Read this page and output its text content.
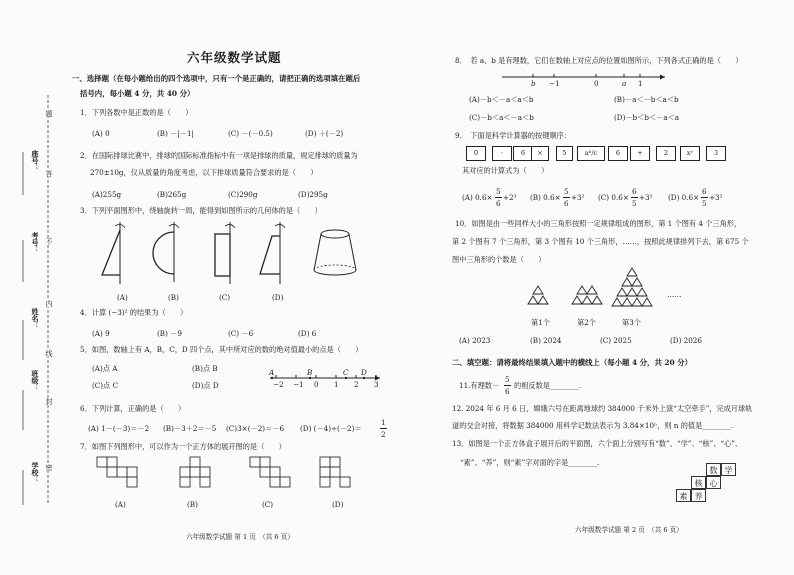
座号：
考号：
姓名：
班级：
学校：
题
答
不
内
线
封
密
六年级数学试题
一、选择题（在每小题给出的四个选项中，只有一个是正确的，请把正确的选项填在题后
括号内，每小题 4 分，共 40 分）
1．下列各数中是正数的是（　　）
(A) 0	(B) －|－1|	(C) －(－0.5)	(D) ＋(－2)
2．在国际排球比赛中，排球的国际标准指标中有一项是排球的质量，规定排球的质量为
270±10g，仪从质量的角度考虑，以下排球质量符合要求的是（　　）
(A)255g	(B)265g	(C)290g	(D)295g
3．下列平面图形中，绕轴旋转一周，能得到如图所示的几何体的是（　　）
(A)	(B)	(C)	(D)
4．计算 (−3)² 的结果为（　　）
(A) 9	(B) －9	(C) －6	(D) 6
5．如图，数轴上有 A，B，C，D 四个点，其中所对应的数的绝对值最小的点是（　　）
(A)点 A	(B)点 B
(C)点 C	(D)点 D
A	B	C D
−2 −1 0 1 2 3
6．下列计算，正确的是（　　）
(A) 1－(－3)＝－2 (B)－3＋2＝－5 (C)3×(－2)＝－6 (D) (－4)÷(－2)＝
1
2
7．如图下列图形中，可以作为一个正方体的展开图的是（　　）
(A)	(B)	(C)	(D)
六年级数学试题 第 1 页　（共 6 页）
8．　若 a、b 是有理数，它们在数轴上对应点的位置如图所示，下列各式正确的是（　　）
b −1	0	a 1
(A)－b＜－a＜a＜b	(B)－a＜－b＜a＜b
(C)－b＜a＜－a＜b	(D)－b＜b＜－a＜a
9．　下面是科学计算器的按键顺序：
0	·	6	×	5	aᵇ/c	6	+	2	xʸ	3
其对应的计算式为（　　）
(A) 0.6×
5
6
+2³ (B) 0.6×
5
6
+3² (C) 0.6×
6
5
+3² (D) 0.6×
6
5
+3²
10．如图是由一些同样大小的三角形按照一定规律组成的图形，第 1 个图有 4 个三角形，
第 2 个图有 7 个三角形，第 3 个图有 10 个三角形，……，按照此规律排列下去，第 675 个
图中三角形的个数是（　　）
……
第1个	第2个	第3个
(A) 2023	(B) 2024	(C) 2025	(D) 2026
二、填空题：请将最终结果填入题中的横线上（每小题 4 分，共 20 分）
11.有理数－
5
6
的相反数是________.
12. 2024 年 6 月 6 日，嫦娥六号在距离地球约 384000 千米外上演“太空牵手”，完成月球轨
道的交会对接，将数据 384000 用科学记数法表示为 3.84×10ⁿ，则 n 的值是________.
13．如图是一个正方体盒子展开后的平面图，六个面上分别写有“数”、“学”、“核”、“心”、
“素”、“养”，则“素”字对面的字是________.
数 学
核 心
素 养
六年级数学试题 第 2 页　（共 6 页）
